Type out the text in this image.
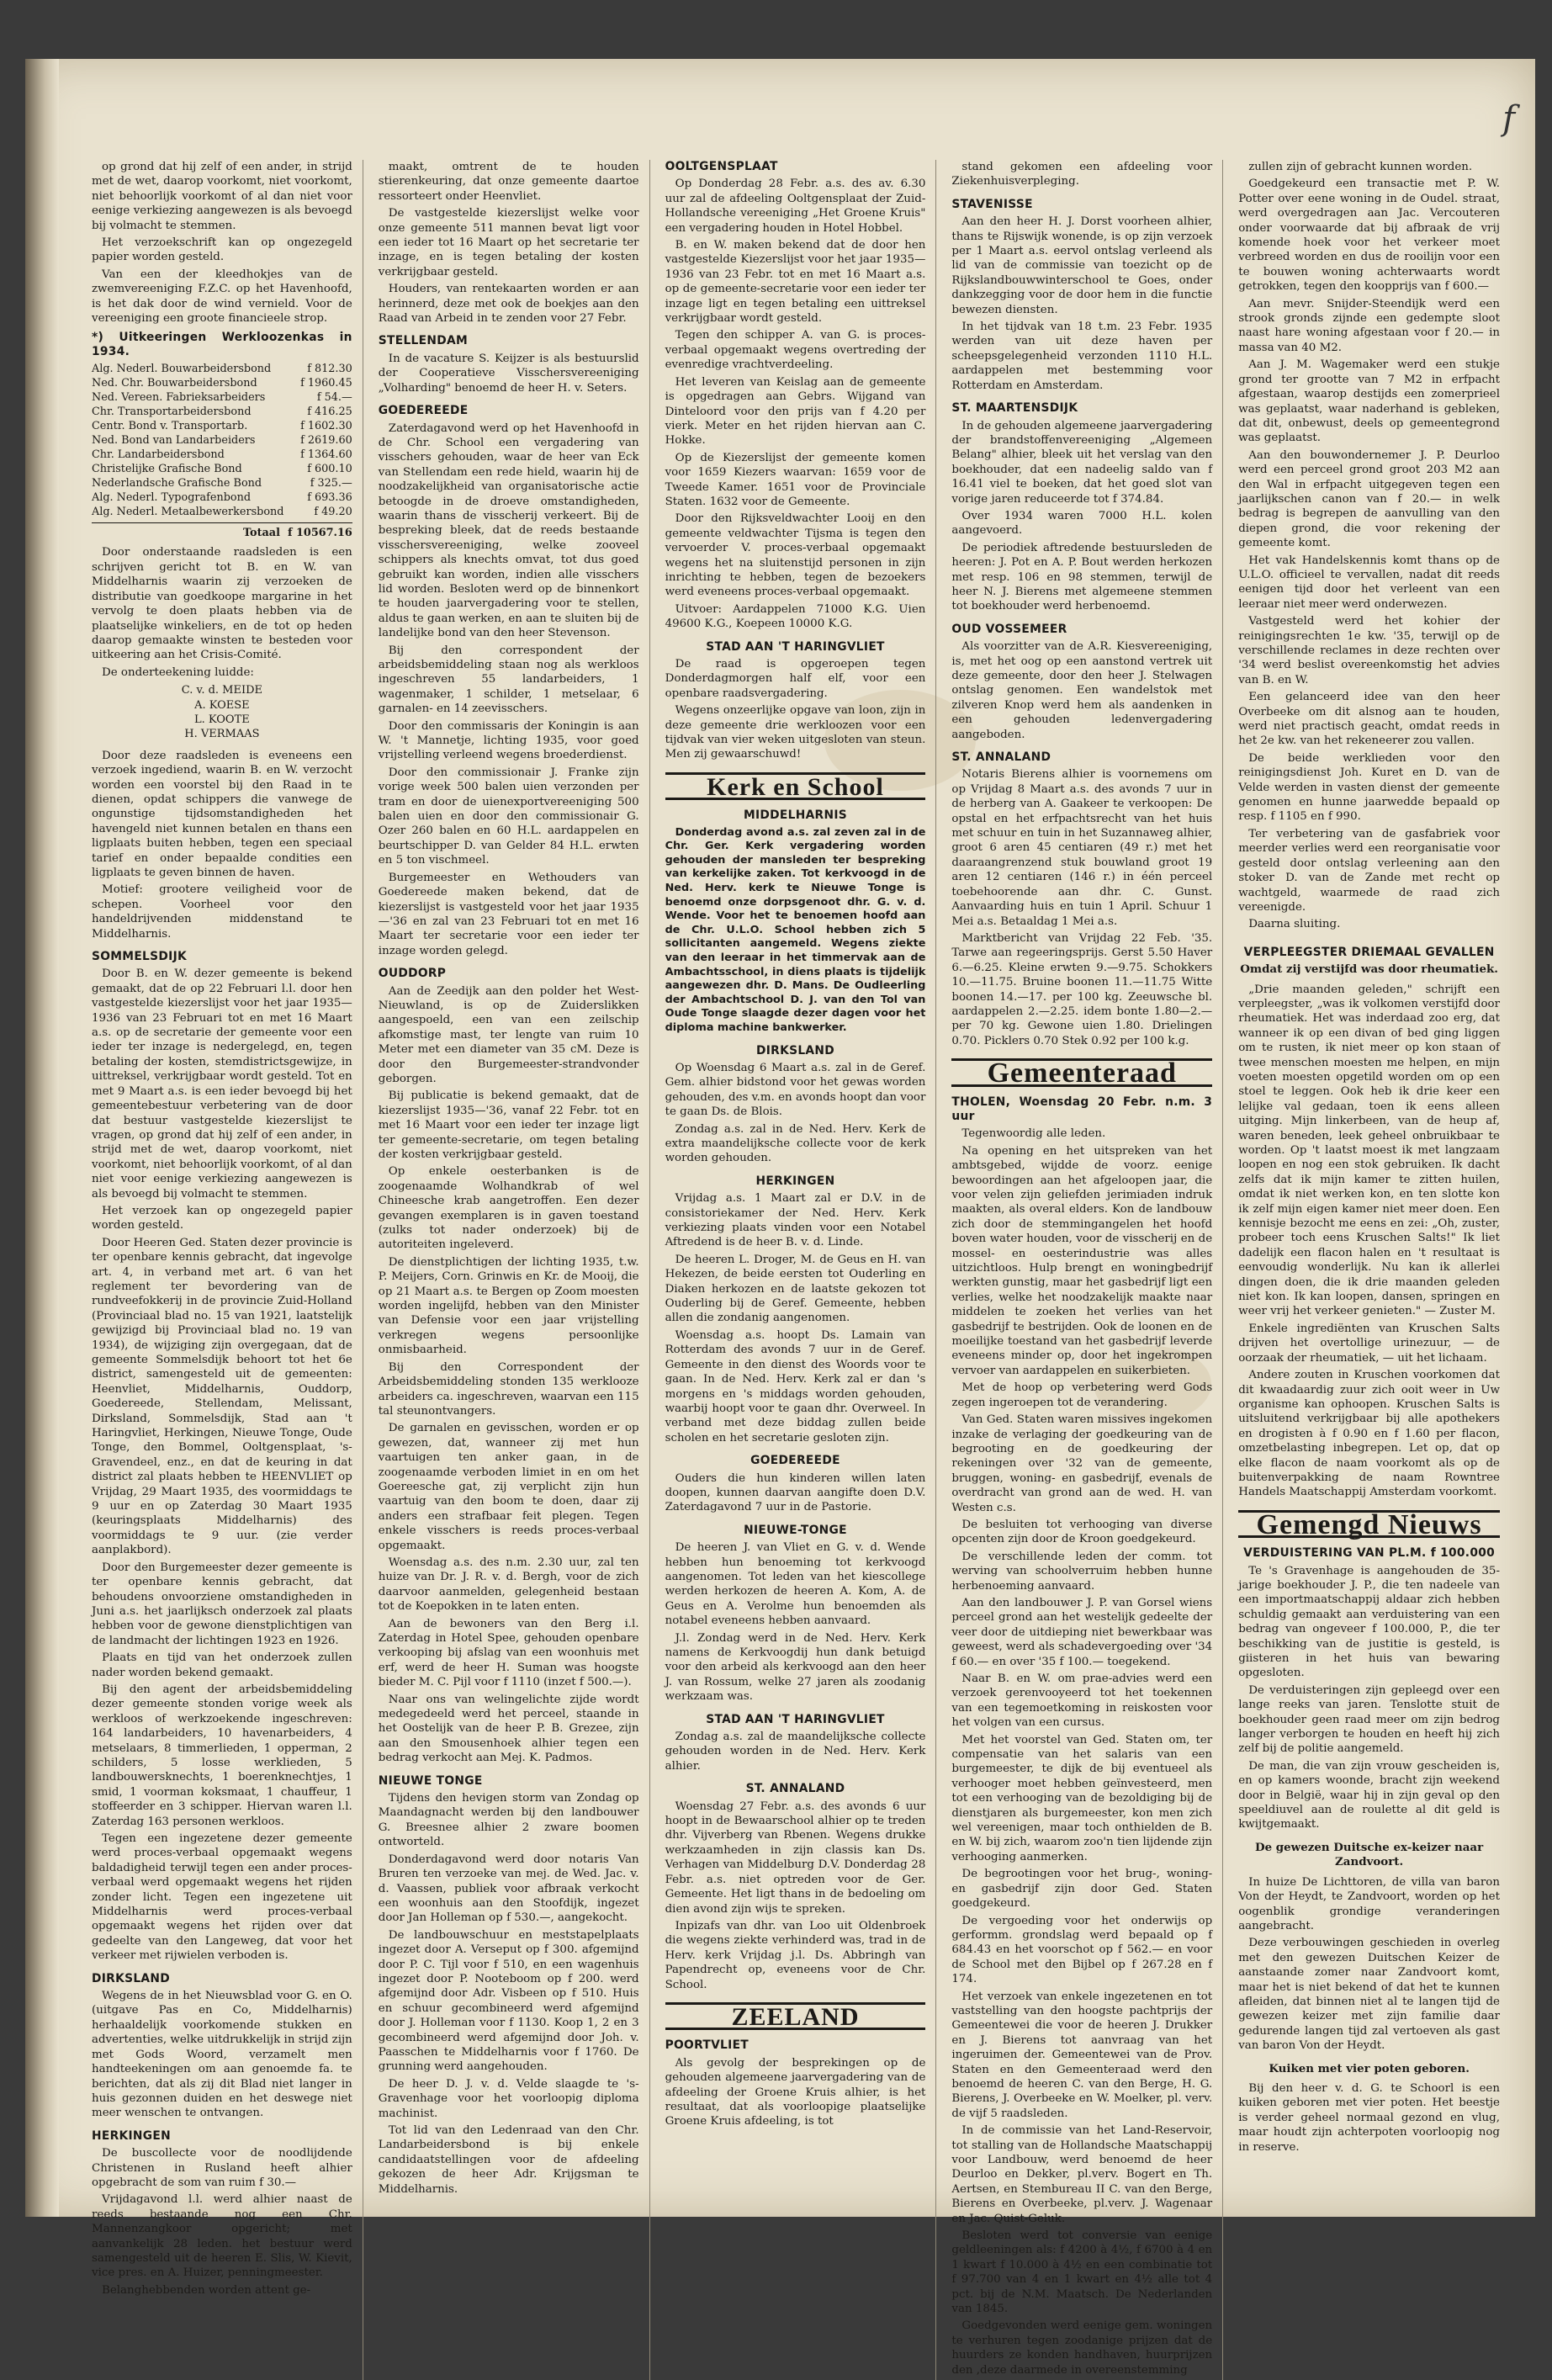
f

op grond dat hij zelf of een ander, in strijd met de wet, daarop voorkomt, niet voorkomt, niet behoorlijk voorkomt of al dan niet voor eenige verkiezing aangewezen is als bevoegd bij volmacht te stemmen.

Het verzoekschrift kan op ongezegeld papier worden gesteld.

Van een der kleedhokjes van de zwemvereeniging F.Z.C. op het Havenhoofd, is het dak door de wind vernield. Voor de vereeniging een groote financieele strop.

*) Uitkeeringen Werkloozenkas in 1934.
Alg. Nederl. Bouwarbeidersbond	f 812.30
Ned. Chr. Bouwarbeidersbond	f 1960.45
Ned. Vereen. Fabrieksarbeiders	f 54.—
Chr. Transportarbeidersbond	f 416.25
Centr. Bond v. Transportarb.	f 1602.30
Ned. Bond van Landarbeiders	f 2619.60
Chr. Landarbeidersbond	f 1364.60
Christelijke Grafische Bond	f 600.10
Nederlandsche Grafische Bond	f 325.—
Alg. Nederl. Typografenbond	f 693.36
Alg. Nederl. Metaalbewerkersbond	f 49.20
Totaal f 10567.16

Door onderstaande raadsleden is een schrijven gericht tot B. en W. van Middelharnis waarin zij verzoeken de distributie van goedkoope margarine in het vervolg te doen plaats hebben via de plaatselijke winkeliers, en de tot op heden daarop gemaakte winsten te besteden voor uitkeering aan het Crisis-Comité.

De onderteekening luidde:

C. v. d. MEIDE
A. KOESE
L. KOOTE
H. VERMAAS

Door deze raadsleden is eveneens een verzoek ingediend, waarin B. en W. verzocht worden een voorstel bij den Raad in te dienen, opdat schippers die vanwege de ongunstige tijdsomstandigheden het havengeld niet kunnen betalen en thans een ligplaats buiten hebben, tegen een speciaal tarief en onder bepaalde condities een ligplaats te geven binnen de haven.

Motief: grootere veiligheid voor de schepen. Voorheel voor den handeldrijvenden middenstand te Middelharnis.

SOMMELSDIJK

Door B. en W. dezer gemeente is bekend gemaakt, dat de op 22 Februari l.l. door hen vastgestelde kiezerslijst voor het jaar 1935—1936 van 23 Februari tot en met 16 Maart a.s. op de secretarie der gemeente voor een ieder ter inzage is nedergelegd, en, tegen betaling der kosten, stemdistrictsgewijze, in uittreksel, verkrijgbaar wordt gesteld. Tot en met 9 Maart a.s. is een ieder bevoegd bij het gemeentebestuur verbetering van de door dat bestuur vastgestelde kiezerslijst te vragen, op grond dat hij zelf of een ander, in strijd met de wet, daarop voorkomt, niet voorkomt, niet behoorlijk voorkomt, of al dan niet voor eenige verkiezing aangewezen is als bevoegd bij volmacht te stemmen.

Het verzoek kan op ongezegeld papier worden gesteld.

Door Heeren Ged. Staten dezer provincie is ter openbare kennis gebracht, dat ingevolge art. 4, in verband met art. 6 van het reglement ter bevordering van de rundveefokkerij in de provincie Zuid-Holland (Provinciaal blad no. 15 van 1921, laatstelijk gewijzigd bij Provinciaal blad no. 19 van 1934), de wijziging zijn overgegaan, dat de gemeente Sommelsdijk behoort tot het 6e district, samengesteld uit de gemeenten: Heenvliet, Middelharnis, Ouddorp, Goedereede, Stellendam, Melissant, Dirksland, Sommelsdijk, Stad aan 't Haringvliet, Herkingen, Nieuwe Tonge, Oude Tonge, den Bommel, Ooltgensplaat, 's-Gravendeel, enz., en dat de keuring in dat district zal plaats hebben te HEENVLIET op Vrijdag, 29 Maart 1935, des voormiddags te 9 uur en op Zaterdag 30 Maart 1935 (keuringsplaats Middelharnis) des voormiddags te 9 uur. (zie verder aanplakbord).

Door den Burgemeester dezer gemeente is ter openbare kennis gebracht, dat behoudens onvoorziene omstandigheden in Juni a.s. het jaarlijksch onderzoek zal plaats hebben voor de gewone dienstplichtigen van de landmacht der lichtingen 1923 en 1926.

Plaats en tijd van het onderzoek zullen nader worden bekend gemaakt.

Bij den agent der arbeidsbemiddeling dezer gemeente stonden vorige week als werkloos of werkzoekende ingeschreven: 164 landarbeiders, 10 havenarbeiders, 4 metselaars, 8 timmerlieden, 1 opperman, 2 schilders, 5 losse werklieden, 5 landbouwersknechts, 1 boerenknechtjes, 1 smid, 1 voorman koksmaat, 1 chauffeur, 1 stoffeerder en 3 schipper. Hiervan waren l.l. Zaterdag 163 personen werkloos.

Tegen een ingezetene dezer gemeente werd proces-verbaal opgemaakt wegens baldadigheid terwijl tegen een ander proces-verbaal werd opgemaakt wegens het rijden zonder licht. Tegen een ingezetene uit Middelharnis werd proces-verbaal opgemaakt wegens het rijden over dat gedeelte van den Langeweg, dat voor het verkeer met rijwielen verboden is.

DIRKSLAND

Wegens de in het Nieuwsblad voor G. en O. (uitgave Pas en Co, Middelharnis) herhaaldelijk voorkomende stukken en advertenties, welke uitdrukkelijk in strijd zijn met Gods Woord, verzamelt men handteekeningen om aan genoemde fa. te berichten, dat als zij dit Blad niet langer in huis gezonnen duiden en het deswege niet meer wenschen te ontvangen.

HERKINGEN

De buscollecte voor de noodlijdende Christenen in Rusland heeft alhier opgebracht de som van ruim f 30.—

Vrijdagavond l.l. werd alhier naast de reeds bestaande nog een Chr. Mannenzangkoor opgericht; met aanvankelijk 28 leden. het bestuur werd samengesteld uit de heeren E. Slis, W. Kievit, vice pres. en A. Huizer, penningmeester.

Belanghebbenden worden attent ge-

maakt, omtrent de te houden stierenkeuring, dat onze gemeente daartoe ressorteert onder Heenvliet.

De vastgestelde kiezerslijst welke voor onze gemeente 511 mannen bevat ligt voor een ieder tot 16 Maart op het secretarie ter inzage, en is tegen betaling der kosten verkrijgbaar gesteld.

Houders, van rentekaarten worden er aan herinnerd, deze met ook de boekjes aan den Raad van Arbeid in te zenden voor 27 Febr.

STELLENDAM

In de vacature S. Keijzer is als bestuurslid der Cooperatieve Visschersvereeniging „Volharding" benoemd de heer H. v. Seters.

GOEDEREEDE

Zaterdagavond werd op het Havenhoofd in de Chr. School een vergadering van visschers gehouden, waar de heer van Eck van Stellendam een rede hield, waarin hij de noodzakelijkheid van organisatorische actie betoogde in de droeve omstandigheden, waarin thans de visscherij verkeert. Bij de bespreking bleek, dat de reeds bestaande visschersvereeniging, welke zooveel schippers als knechts omvat, tot dus goed gebruikt kan worden, indien alle visschers lid worden. Besloten werd op de binnenkort te houden jaarvergadering voor te stellen, aldus te gaan werken, en aan te sluiten bij de landelijke bond van den heer Stevenson.

Bij den correspondent der arbeidsbemiddeling staan nog als werkloos ingeschreven 55 landarbeiders, 1 wagenmaker, 1 schilder, 1 metselaar, 6 garnalen- en 14 zeevisschers.

Door den commissaris der Koningin is aan W. 't Mannetje, lichting 1935, voor goed vrijstelling verleend wegens broederdienst.

Door den commissionair J. Franke zijn vorige week 500 balen uien verzonden per tram en door de uienexportvereeniging 500 balen uien en door den commissionair G. Ozer 260 balen en 60 H.L. aardappelen en beurtschipper D. van Gelder 84 H.L. erwten en 5 ton vischmeel.

Burgemeester en Wethouders van Goedereede maken bekend, dat de kiezerslijst is vastgesteld voor het jaar 1935—'36 en zal van 23 Februari tot en met 16 Maart ter secretarie voor een ieder ter inzage worden gelegd.

OUDDORP

Aan de Zeedijk aan den polder het West-Nieuwland, is op de Zuiderslikken aangespoeld, een van een zeilschip afkomstige mast, ter lengte van ruim 10 Meter met een diameter van 35 cM. Deze is door den Burgemeester-strandvonder geborgen.

Bij publicatie is bekend gemaakt, dat de kiezerslijst 1935—'36, vanaf 22 Febr. tot en met 16 Maart voor een ieder ter inzage ligt ter gemeente-secretarie, om tegen betaling der kosten verkrijgbaar gesteld.

Op enkele oesterbanken is de zoogenaamde Wolhandkrab of wel Chineesche krab aangetroffen. Een dezer gevangen exemplaren is in gaven toestand (zulks tot nader onderzoek) bij de autoriteiten ingeleverd.

De dienstplichtigen der lichting 1935, t.w. P. Meijers, Corn. Grinwis en Kr. de Mooij, die op 21 Maart a.s. te Bergen op Zoom moesten worden ingelijfd, hebben van den Minister van Defensie voor een jaar vrijstelling verkregen wegens persoonlijke onmisbaarheid.

Bij den Correspondent der Arbeidsbemiddeling stonden 135 werklooze arbeiders ca. ingeschreven, waarvan een 115 tal steunontvangers.

De garnalen en gevisschen, worden er op gewezen, dat, wanneer zij met hun vaartuigen ten anker gaan, in de zoogenaamde verboden limiet in en om het Goereesche gat, zij verplicht zijn hun vaartuig van den boom te doen, daar zij anders een strafbaar feit plegen. Tegen enkele visschers is reeds proces-verbaal opgemaakt.

Woensdag a.s. des n.m. 2.30 uur, zal ten huize van Dr. J. R. v. d. Bergh, voor de zich daarvoor aanmelden, gelegenheid bestaan tot de Koepokken in te laten enten.

Aan de bewoners van den Berg i.l. Zaterdag in Hotel Spee, gehouden openbare verkooping bij afslag van een woonhuis met erf, werd de heer H. Suman was hoogste bieder M. C. Pijl voor f 1110 (inzet f 500.—).

Naar ons van welingelichte zijde wordt medegedeeld werd het perceel, staande in het Oostelijk van de heer P. B. Grezee, zijn aan den Smousenhoek alhier tegen een bedrag verkocht aan Mej. K. Padmos.

NIEUWE TONGE

Tijdens den hevigen storm van Zondag op Maandagnacht werden bij den landbouwer G. Breesnee alhier 2 zware boomen ontworteld.

Donderdagavond werd door notaris Van Bruren ten verzoeke van mej. de Wed. Jac. v. d. Vaassen, publiek voor afbraak verkocht een woonhuis aan den Stoofdijk, ingezet door Jan Holleman op f 530.—, aangekocht.

De landbouwschuur en meststapelplaats ingezet door A. Verseput op f 300. afgemijnd door P. C. Tijl voor f 510, en een wagenhuis ingezet door P. Nooteboom op f 200. werd afgemijnd door Adr. Visbeen op f 510. Huis en schuur gecombineerd werd afgemijnd door J. Holleman voor f 1130. Koop 1, 2 en 3 gecombineerd werd afgemijnd door Joh. v. Paasschen te Middelharnis voor f 1760. De grunning werd aangehouden.

De heer D. J. v. d. Velde slaagde te 's-Gravenhage voor het voorloopig diploma machinist.

Tot lid van den Ledenraad van den Chr. Landarbeidersbond is bij enkele candidaatstellingen voor de afdeeling gekozen de heer Adr. Krijgsman te Middelharnis.

OOLTGENSPLAAT

Op Donderdag 28 Febr. a.s. des av. 6.30 uur zal de afdeeling Ooltgensplaat der Zuid-Hollandsche vereeniging „Het Groene Kruis" een vergadering houden in Hotel Hobbel.

B. en W. maken bekend dat de door hen vastgestelde Kiezerslijst voor het jaar 1935—1936 van 23 Febr. tot en met 16 Maart a.s. op de gemeente-secretarie voor een ieder ter inzage ligt en tegen betaling een uittreksel verkrijgbaar wordt gesteld.

Tegen den schipper A. van G. is proces-verbaal opgemaakt wegens overtreding der evenredige vrachtverdeeling.

Het leveren van Keislag aan de gemeente is opgedragen aan Gebrs. Wijgand van Dinteloord voor den prijs van f 4.20 per vierk. Meter en het rijden hiervan aan C. Hokke.

Op de Kiezerslijst der gemeente komen voor 1659 Kiezers waarvan: 1659 voor de Tweede Kamer. 1651 voor de Provinciale Staten. 1632 voor de Gemeente.

Door den Rijksveldwachter Looij en den gemeente veldwachter Tijsma is tegen den vervoerder V. proces-verbaal opgemaakt wegens het na sluitenstijd personen in zijn inrichting te hebben, tegen de bezoekers werd eveneens proces-verbaal opgemaakt.

Uitvoer: Aardappelen 71000 K.G. Uien 49600 K.G., Koepeen 10000 K.G.

STAD AAN 'T HARINGVLIET

De raad is opgeroepen tegen Donderdagmorgen half elf, voor een openbare raadsvergadering.

Wegens onzeerlijke opgave van loon, zijn in deze gemeente drie werkloozen voor een tijdvak van vier weken uitgesloten van steun. Men zij gewaarschuwd!

Kerk en School
MIDDELHARNIS

Donderdag avond a.s. zal zeven zal in de Chr. Ger. Kerk vergadering worden gehouden der mansleden ter bespreking van kerkelijke zaken. Tot kerkvoogd in de Ned. Herv. kerk te Nieuwe Tonge is benoemd onze dorpsgenoot dhr. G. v. d. Wende. Voor het te benoemen hoofd aan de Chr. U.L.O. School hebben zich 5 sollicitanten aangemeld. Wegens ziekte van den leeraar in het timmervak aan de Ambachtsschool, in diens plaats is tijdelijk aangewezen dhr. D. Mans. De Oudleerling der Ambachtschool D. J. van den Tol van Oude Tonge slaagde dezer dagen voor het diploma machine bankwerker.

DIRKSLAND

Op Woensdag 6 Maart a.s. zal in de Geref. Gem. alhier bidstond voor het gewas worden gehouden, des v.m. en avonds hoopt dan voor te gaan Ds. de Blois.

Zondag a.s. zal in de Ned. Herv. Kerk de extra maandelijksche collecte voor de kerk worden gehouden.

HERKINGEN

Vrijdag a.s. 1 Maart zal er D.V. in de consistoriekamer der Ned. Herv. Kerk verkiezing plaats vinden voor een Notabel Aftredend is de heer B. v. d. Linde.

De heeren L. Droger, M. de Geus en H. van Hekezen, de beide eersten tot Ouderling en Diaken herkozen en de laatste gekozen tot Ouderling bij de Geref. Gemeente, hebben allen die zondanig aangenomen.

Woensdag a.s. hoopt Ds. Lamain van Rotterdam des avonds 7 uur in de Geref. Gemeente in den dienst des Woords voor te gaan. In de Ned. Herv. Kerk zal er dan 's morgens en 's middags worden gehouden, waarbij hoopt voor te gaan dhr. Overweel. In verband met deze biddag zullen beide scholen en het secretarie gesloten zijn.

GOEDEREEDE

Ouders die hun kinderen willen laten doopen, kunnen daarvan aangifte doen D.V. Zaterdagavond 7 uur in de Pastorie.

NIEUWE-TONGE

De heeren J. van Vliet en G. v. d. Wende hebben hun benoeming tot kerkvoogd aangenomen. Tot leden van het kiescollege werden herkozen de heeren A. Kom, A. de Geus en A. Verolme hun benoemden als notabel eveneens hebben aanvaard.

J.l. Zondag werd in de Ned. Herv. Kerk namens de Kerkvoogdij hun dank betuigd voor den arbeid als kerkvoogd aan den heer J. van Rossum, welke 27 jaren als zoodanig werkzaam was.

STAD AAN 'T HARINGVLIET

Zondag a.s. zal de maandelijksche collecte gehouden worden in de Ned. Herv. Kerk alhier.

ST. ANNALAND

Woensdag 27 Febr. a.s. des avonds 6 uur hoopt in de Bewaarschool alhier op te treden dhr. Vijverberg van Rbenen. Wegens drukke werkzaamheden in zijn classis kan Ds. Verhagen van Middelburg D.V. Donderdag 28 Febr. a.s. niet optreden voor de Ger. Gemeente. Het ligt thans in de bedoeling om dien avond zijn wijs te spreken.

Inpizafs van dhr. van Loo uit Oldenbroek die wegens ziekte verhinderd was, trad in de Herv. kerk Vrijdag j.l. Ds. Abbringh van Papendrecht op, eveneens voor de Chr. School.

ZEELAND
POORTVLIET

Als gevolg der besprekingen op de gehouden algemeene jaarvergadering van de afdeeling der Groene Kruis alhier, is het resultaat, dat als voorloopige plaatselijke Groene Kruis afdeeling, is tot

stand gekomen een afdeeling voor Ziekenhuisverpleging.

STAVENISSE

Aan den heer H. J. Dorst voorheen alhier, thans te Rijswijk wonende, is op zijn verzoek per 1 Maart a.s. eervol ontslag verleend als lid van de commissie van toezicht op de Rijkslandbouwwinterschool te Goes, onder dankzegging voor de door hem in die functie bewezen diensten.

In het tijdvak van 18 t.m. 23 Febr. 1935 werden van uit deze haven per scheepsgelegenheid verzonden 1110 H.L. aardappelen met bestemming voor Rotterdam en Amsterdam.

ST. MAARTENSDIJK

In de gehouden algemeene jaarvergadering der brandstoffenvereeniging „Algemeen Belang" alhier, bleek uit het verslag van den boekhouder, dat een nadeelig saldo van f 16.41 viel te boeken, dat het goed slot van vorige jaren reduceerde tot f 374.84.

Over 1934 waren 7000 H.L. kolen aangevoerd.

De periodiek aftredende bestuursleden de heeren: J. Pot en A. P. Bout werden herkozen met resp. 106 en 98 stemmen, terwijl de heer N. J. Bierens met algemeene stemmen tot boekhouder werd herbenoemd.

OUD VOSSEMEER

Als voorzitter van de A.R. Kiesvereeniging, is, met het oog op een aanstond vertrek uit deze gemeente, door den heer J. Stelwagen ontslag genomen. Een wandelstok met zilveren Knop werd hem als aandenken in een gehouden ledenvergadering aangeboden.

ST. ANNALAND

Notaris Bierens alhier is voornemens om op Vrijdag 8 Maart a.s. des avonds 7 uur in de herberg van A. Gaakeer te verkoopen: De opstal en het erfpachtsrecht van het huis met schuur en tuin in het Suzannaweg alhier, groot 6 aren 45 centiaren (49 r.) met het daaraangrenzend stuk bouwland groot 19 aren 12 centiaren (146 r.) in één perceel toebehoorende aan dhr. C. Gunst. Aanvaarding huis en tuin 1 April. Schuur 1 Mei a.s. Betaaldag 1 Mei a.s.

Marktbericht van Vrijdag 22 Feb. '35. Tarwe aan regeeringsprijs. Gerst 5.50 Haver 6.—6.25. Kleine erwten 9.—9.75. Schokkers 10.—11.75. Bruine boonen 11.—11.75 Witte boonen 14.—17. per 100 kg. Zeeuwsche bl. aardappelen 2.—2.25. idem bonte 1.80—2.— per 70 kg. Gewone uien 1.80. Drielingen 0.70. Picklers 0.70 Stek 0.92 per 100 k.g.

Gemeenteraad
THOLEN, Woensdag 20 Febr. n.m. 3 uur

Tegenwoordig alle leden.

Na opening en het uitspreken van het ambtsgebed, wijdde de voorz. eenige bewoordingen aan het afgeloopen jaar, die voor velen zijn geliefden jerimiaden indruk maakten, als overal elders. Kon de landbouw zich door de stemmingangelen het hoofd boven water houden, voor de visscherij en de mossel- en oesterindustrie was alles uitzichtloos. Hulp brengt en woningbedrijf werkten gunstig, maar het gasbedrijf ligt een verlies, welke het noodzakelijk maakte naar middelen te zoeken het verlies van het gasbedrijf te bestrijden. Ook de loonen en de moeilijke toestand van het gasbedrijf leverde eveneens minder op, door het ingekrompen vervoer van aardappelen en suikerbieten.

Met de hoop op verbetering werd Gods zegen ingeroepen tot de verandering.

Van Ged. Staten waren missives ingekomen inzake de verlaging der goedkeuring van de begrooting en de goedkeuring der rekeningen over '32 van de gemeente, bruggen, woning- en gasbedrijf, evenals de overdracht van grond aan de wed. H. van Westen c.s.

De besluiten tot verhooging van diverse opcenten zijn door de Kroon goedgekeurd.

De verschillende leden der comm. tot werving van schoolverruim hebben hunne herbenoeming aanvaard.

Aan den landbouwer J. P. van Gorsel wiens perceel grond aan het westelijk gedeelte der veer door de uitdieping niet bewerkbaar was geweest, werd als schadevergoeding over '34 f 60.— en over '35 f 100.— toegekend.

Naar B. en W. om prae-advies werd een verzoek gerenvooyeerd tot het toekennen van een tegemoetkoming in reiskosten voor het volgen van een cursus.

Met het voorstel van Ged. Staten om, ter compensatie van het salaris van een burgemeester, te dijk de bij eventueel als verhooger moet hebben geïnvesteerd, men tot een verhooging van de bezoldiging bij de dienstjaren als burgemeester, kon men zich wel vereenigen, maar toch onthielden de B. en W. bij zich, waarom zoo'n tien lijdende zijn verhooging aanmerken.

De begrootingen voor het brug-, woning- en gasbedrijf zijn door Ged. Staten goedgekeurd.

De vergoeding voor het onderwijs op gerformm. grondslag werd bepaald op f 684.43 en het voorschot op f 562.— en voor de School met den Bijbel op f 267.28 en f 174.

Het verzoek van enkele ingezetenen en tot vaststelling van den hoogste pachtprijs der Gemeentewei die voor de heeren J. Drukker en J. Bierens tot aanvraag van het ingeruimen der. Gemeentewei van de Prov. Staten en den Gemeenteraad werd den benoemd de heeren C. van den Berge, H. G. Bierens, J. Overbeeke en W. Moelker, pl. verv. de vijf 5 raadsleden.

In de commissie van het Land-Reservoir, tot stalling van de Hollandsche Maatschappij voor Landbouw, werd benoemd de heer Deurloo en Dekker, pl.verv. Bogert en Th. Aertsen, en Stembureau II C. van den Berge, Bierens en Overbeeke, pl.verv. J. Wagenaar en Jac. Quist-Geluk.

Besloten werd tot conversie van eenige geldleeningen als: f 4200 à 4½, f 6700 à 4 en 1 kwart f 10.000 à 4½ en een combinatie tot f 97.700 van 4 en 1 kwart en 4½ alle tot 4 pct. bij de N.M. Maatsch. De Nederlanden van 1845.

Goedgevonden werd eenige gem. woningen te verhuren tegen zoodanige prijzen dat de huurders ze konden handhaven, huurprijzen den ,deze daarmede in overeenstemming

zullen zijn of gebracht kunnen worden.

Goedgekeurd een transactie met P. W. Potter over eene woning in de Oudel. straat, werd overgedragen aan Jac. Vercouteren onder voorwaarde dat bij afbraak de vrij komende hoek voor het verkeer moet verbreed worden en dus de rooilijn voor een te bouwen woning achterwaarts wordt getrokken, tegen den koopprijs van f 600.—

Aan mevr. Snijder-Steendijk werd een strook gronds zijnde een gedempte sloot naast hare woning afgestaan voor f 20.— in massa van 40 M2.

Aan J. M. Wagemaker werd een stukje grond ter grootte van 7 M2 in erfpacht afgestaan, waarop destijds een zomerprieel was geplaatst, waar naderhand is gebleken, dat dit, onbewust, deels op gemeentegrond was geplaatst.

Aan den bouwondernemer J. P. Deurloo werd een perceel grond groot 203 M2 aan den Wal in erfpacht uitgegeven tegen een jaarlijkschen canon van f 20.— in welk bedrag is begrepen de aanvulling van den diepen grond, die voor rekening der gemeente komt.

Het vak Handelskennis komt thans op de U.L.O. officieel te vervallen, nadat dit reeds eenigen tijd door het verleent van een leeraar niet meer werd onderwezen.

Vastgesteld werd het kohier der reinigingsrechten 1e kw. '35, terwijl op de verschillende reclames in deze rechten over '34 werd beslist overeenkomstig het advies van B. en W.

Een gelanceerd idee van den heer Overbeeke om dit alsnog aan te houden, werd niet practisch geacht, omdat reeds in het 2e kw. van het rekeneerer zou vallen.

De beide werklieden voor den reinigingsdienst Joh. Kuret en D. van de Velde werden in vasten dienst der gemeente genomen en hunne jaarwedde bepaald op resp. f 1105 en f 990.

Ter verbetering van de gasfabriek voor meerder verlies werd een reorganisatie voor gesteld door ontslag verleening aan den stoker D. van de Zande met recht op wachtgeld, waarmede de raad zich vereenigde.

Daarna sluiting.

VERPLEEGSTER DRIEMAAL GEVALLEN
Omdat zij verstijfd was door rheumatiek.

„Drie maanden geleden," schrijft een verpleegster, „was ik volkomen verstijfd door rheumatiek. Het was inderdaad zoo erg, dat wanneer ik op een divan of bed ging liggen om te rusten, ik niet meer op kon staan of twee menschen moesten me helpen, en mijn voeten moesten opgetild worden om op een stoel te leggen. Ook heb ik drie keer een lelijke val gedaan, toen ik eens alleen uitging. Mijn linkerbeen, van de heup af, waren beneden, leek geheel onbruikbaar te worden. Op 't laatst moest ik met langzaam loopen en nog een stok gebruiken. Ik dacht zelfs dat ik mijn kamer te zitten huilen, omdat ik niet werken kon, en ten slotte kon ik zelf mijn eigen kamer niet meer doen. Een kennisje bezocht me eens en zei: „Oh, zuster, probeer toch eens Kruschen Salts!" Ik liet dadelijk een flacon halen en 't resultaat is eenvoudig wonderlijk. Nu kan ik allerlei dingen doen, die ik drie maanden geleden niet kon. Ik kan loopen, dansen, springen en weer vrij het verkeer genieten." — Zuster M.

Enkele ingrediënten van Kruschen Salts drijven het overtollige urinezuur, — de oorzaak der rheumatiek, — uit het lichaam.

Andere zouten in Kruschen voorkomen dat dit kwaadaardig zuur zich ooit weer in Uw organisme kan ophoopen. Kruschen Salts is uitsluitend verkrijgbaar bij alle apothekers en drogisten à f 0.90 en f 1.60 per flacon, omzetbelasting inbegrepen. Let op, dat op elke flacon de naam voorkomt als op de buitenverpakking de naam Rowntree Handels Maatschappij Amsterdam voorkomt.

Gemengd Nieuws
VERDUISTERING VAN PL.M. f 100.000

Te 's Gravenhage is aangehouden de 35-jarige boekhouder J. P., die ten nadeele van een importmaatschappij aldaar zich hebben schuldig gemaakt aan verduistering van een bedrag van ongeveer f 100.000, P., die ter beschikking van de justitie is gesteld, is giisteren in het huis van bewaring opgesloten.

De verduisteringen zijn gepleegd over een lange reeks van jaren. Tenslotte stuit de boekhouder geen raad meer om zijn bedrog langer verborgen te houden en heeft hij zich zelf bij de politie aangemeld.

De man, die van zijn vrouw gescheiden is, en op kamers woonde, bracht zijn weekend door in België, waar hij in zijn geval op den speeldiuvel aan de roulette al dit geld is kwijtgemaakt.

De gewezen Duitsche ex-keizer naar Zandvoort.

In huize De Lichttoren, de villa van baron Von der Heydt, te Zandvoort, worden op het oogenblik grondige veranderingen aangebracht.

Deze verbouwingen geschieden in overleg met den gewezen Duitschen Keizer de aanstaande zomer naar Zandvoort komt, maar het is niet bekend of dat het te kunnen afleiden, dat binnen niet al te langen tijd de gewezen keizer met zijn familie daar gedurende langen tijd zal vertoeven als gast van baron Von der Heydt.

Kuiken met vier poten geboren.

Bij den heer v. d. G. te Schoorl is een kuiken geboren met vier poten. Het beestje is verder geheel normaal gezond en vlug, maar houdt zijn achterpoten voorloopig nog in reserve.
